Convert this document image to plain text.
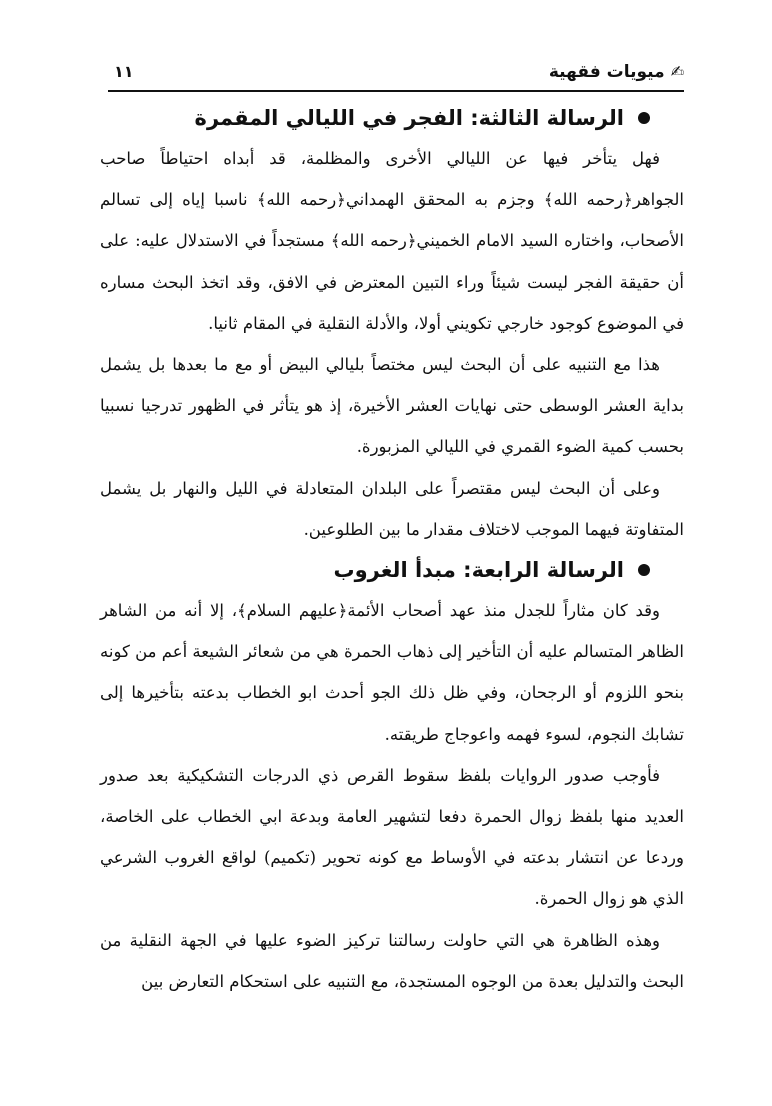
✍ميويات فقهية
١١
الرسالة الثالثة: الفجر في الليالي المقمرة

فهل يتأخر فيها عن الليالي الأخرى والمظلمة، قد أبداه احتياطاً صاحب الجواهر﴿رحمه الله﴾ وجزم به المحقق الهمداني﴿رحمه الله﴾ ناسبا إياه إلى تسالم الأصحاب، واختاره السيد الامام الخميني﴿رحمه الله﴾ مستجداً في الاستدلال عليه: على أن حقيقة الفجر ليست شيئاً وراء التبين المعترض في الافق، وقد اتخذ البحث مساره في الموضوع كوجود خارجي تكويني أولا، والأدلة النقلية في المقام ثانيا.

هذا مع التنبيه على أن البحث ليس مختصاً بليالي البيض أو مع ما بعدها بل يشمل بداية العشر الوسطى حتى نهايات العشر الأخيرة، إذ هو يتأثر في الظهور تدرجيا نسبيا بحسب كمية الضوء القمري في الليالي المزبورة.

وعلى أن البحث ليس مقتصراً على البلدان المتعادلة في الليل والنهار بل يشمل المتفاوتة فيهما الموجب لاختلاف مقدار ما بين الطلوعين.

الرسالة الرابعة: مبدأ الغروب

وقد كان مثاراً للجدل منذ عهد أصحاب الأئمة﴿عليهم السلام﴾، إلا أنه من الشاهر الظاهر المتسالم عليه أن التأخير إلى ذهاب الحمرة هي من شعائر الشيعة أعم من كونه بنحو اللزوم أو الرجحان، وفي ظل ذلك الجو أحدث ابو الخطاب بدعته بتأخيرها إلى تشابك النجوم، لسوء فهمه واعوجاج طريقته.

فأوجب صدور الروايات بلفظ سقوط القرص ذي الدرجات التشكيكية بعد صدور العديد منها بلفظ زوال الحمرة دفعا لتشهير العامة وبدعة ابي الخطاب على الخاصة، وردعا عن انتشار بدعته في الأوساط مع كونه تحوير (تكميم) لواقع الغروب الشرعي الذي هو زوال الحمرة.

وهذه الظاهرة هي التي حاولت رسالتنا تركيز الضوء عليها في الجهة النقلية من البحث والتدليل بعدة من الوجوه المستجدة، مع التنبيه على استحكام التعارض بين
